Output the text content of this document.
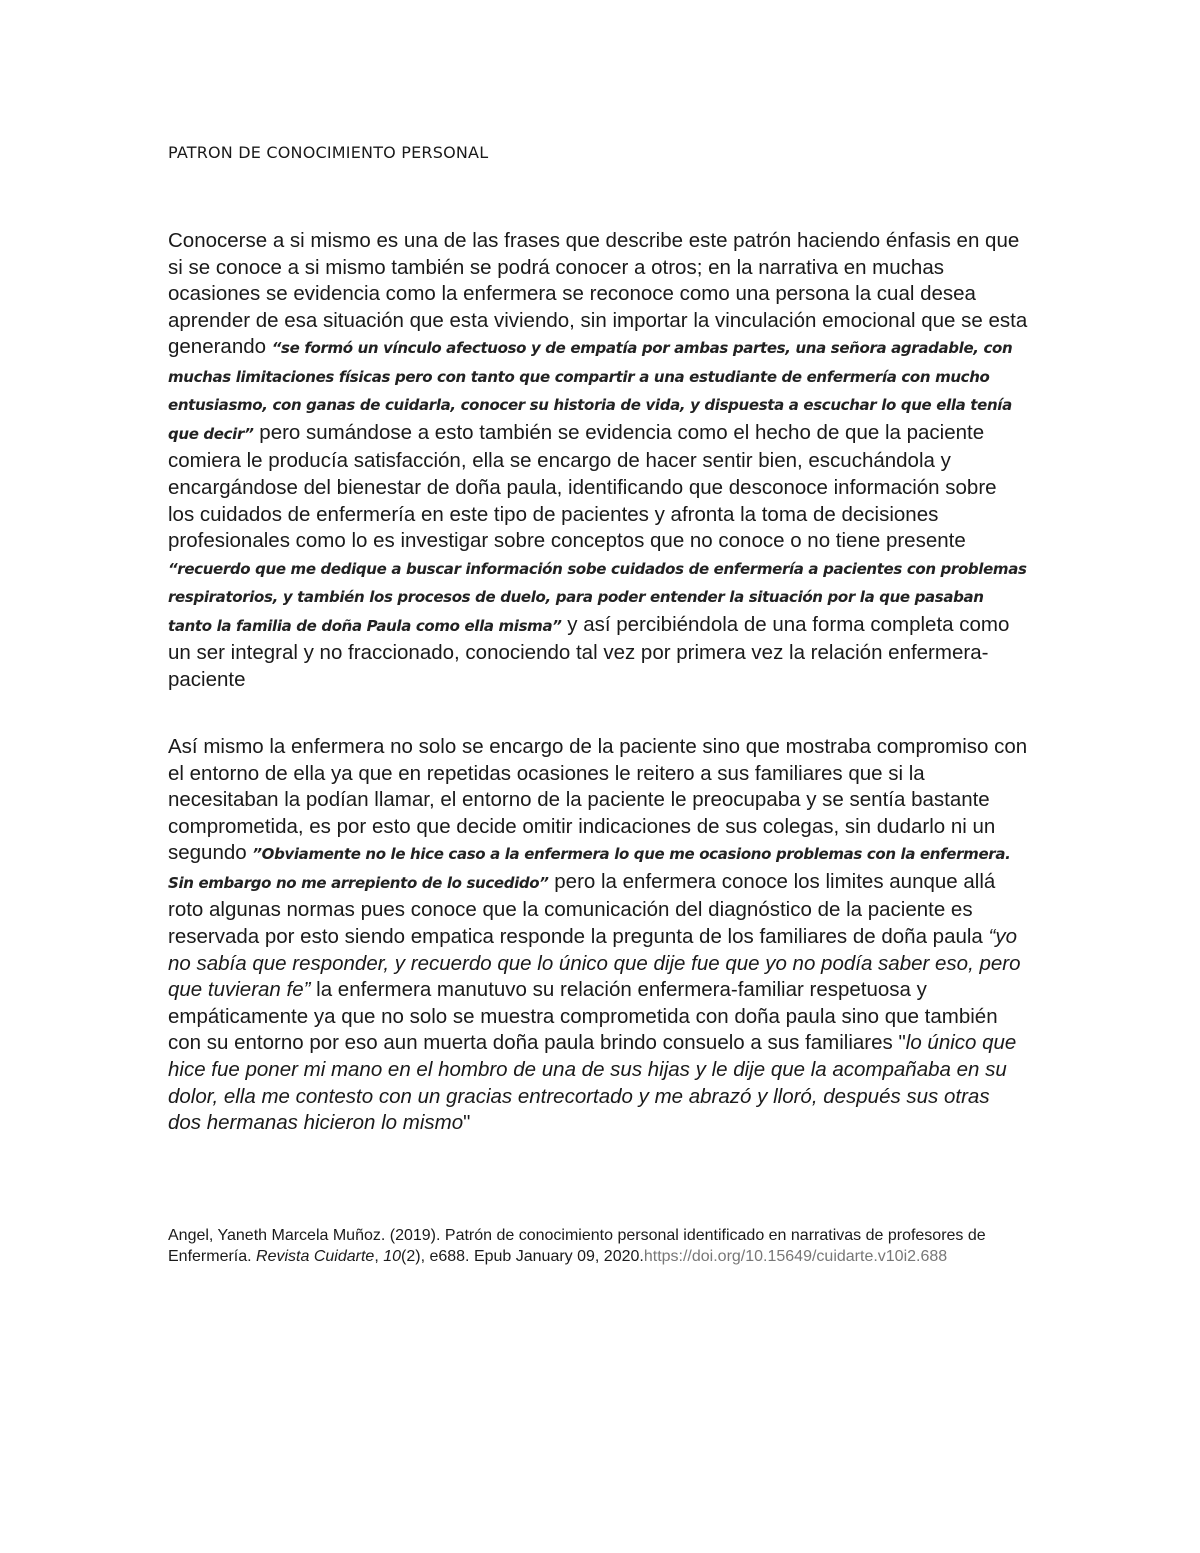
PATRON DE CONOCIMIENTO PERSONAL
Conocerse a si mismo es una de las frases que describe este patrón haciendo énfasis en que si se conoce a si mismo también se podrá conocer a otros; en la narrativa en muchas ocasiones se evidencia como la enfermera se reconoce como una persona la cual desea aprender de esa situación que esta viviendo, sin importar la vinculación emocional que se esta generando “se formó un vínculo afectuoso y de empatía por ambas partes, una señora agradable, con muchas limitaciones físicas pero con tanto que compartir a una estudiante de enfermería con mucho entusiasmo, con ganas de cuidarla, conocer su historia de vida, y dispuesta a escuchar lo que ella tenía que decir” pero sumándose a esto también se evidencia como el hecho de que la paciente comiera le producía satisfacción, ella se encargo de hacer sentir bien, escuchándola y encargándose del bienestar de doña paula, identificando que desconoce información sobre los cuidados de enfermería en este tipo de pacientes y afronta la toma de decisiones profesionales como lo es investigar sobre conceptos que no conoce o no tiene presente “recuerdo que me dedique a buscar información sobe cuidados de enfermería a pacientes con problemas respiratorios, y también los procesos de duelo, para poder entender la situación por la que pasaban tanto la familia de doña Paula como ella misma” y así percibiéndola de una forma completa como un ser integral y no fraccionado, conociendo tal vez por primera vez la relación enfermera-paciente
Así mismo la enfermera no solo se encargo de la paciente sino que mostraba compromiso con el entorno de ella ya que en repetidas ocasiones le reitero a sus familiares que si la necesitaban la podían llamar, el entorno de la paciente le preocupaba y se sentía bastante comprometida, es por esto que decide omitir indicaciones de sus colegas, sin dudarlo ni un segundo ”Obviamente no le hice caso a la enfermera lo que me ocasiono problemas con la enfermera. Sin embargo no me arrepiento de lo sucedido” pero la enfermera conoce los limites aunque allá roto algunas normas pues conoce que la comunicación del diagnóstico de la paciente es reservada por esto siendo empatica responde la pregunta de los familiares de doña paula “yo no sabía que responder, y recuerdo que lo único que dije fue que yo no podía saber eso, pero que tuvieran fe” la enfermera manutuvo su relación enfermera-familiar respetuosa y empáticamente ya que no solo se muestra comprometida con doña paula sino que también con su entorno por eso aun muerta doña paula brindo consuelo a sus familiares "lo único que hice fue poner mi mano en el hombro de una de sus hijas y le dije que la acompañaba en su dolor, ella me contesto con un gracias entrecortado y me abrazó y lloró, después sus otras dos hermanas hicieron lo mismo"
Angel, Yaneth Marcela Muñoz. (2019). Patrón de conocimiento personal identificado en narrativas de profesores de Enfermería. Revista Cuidarte, 10(2), e688. Epub January 09, 2020.https://doi.org/10.15649/cuidarte.v10i2.688
